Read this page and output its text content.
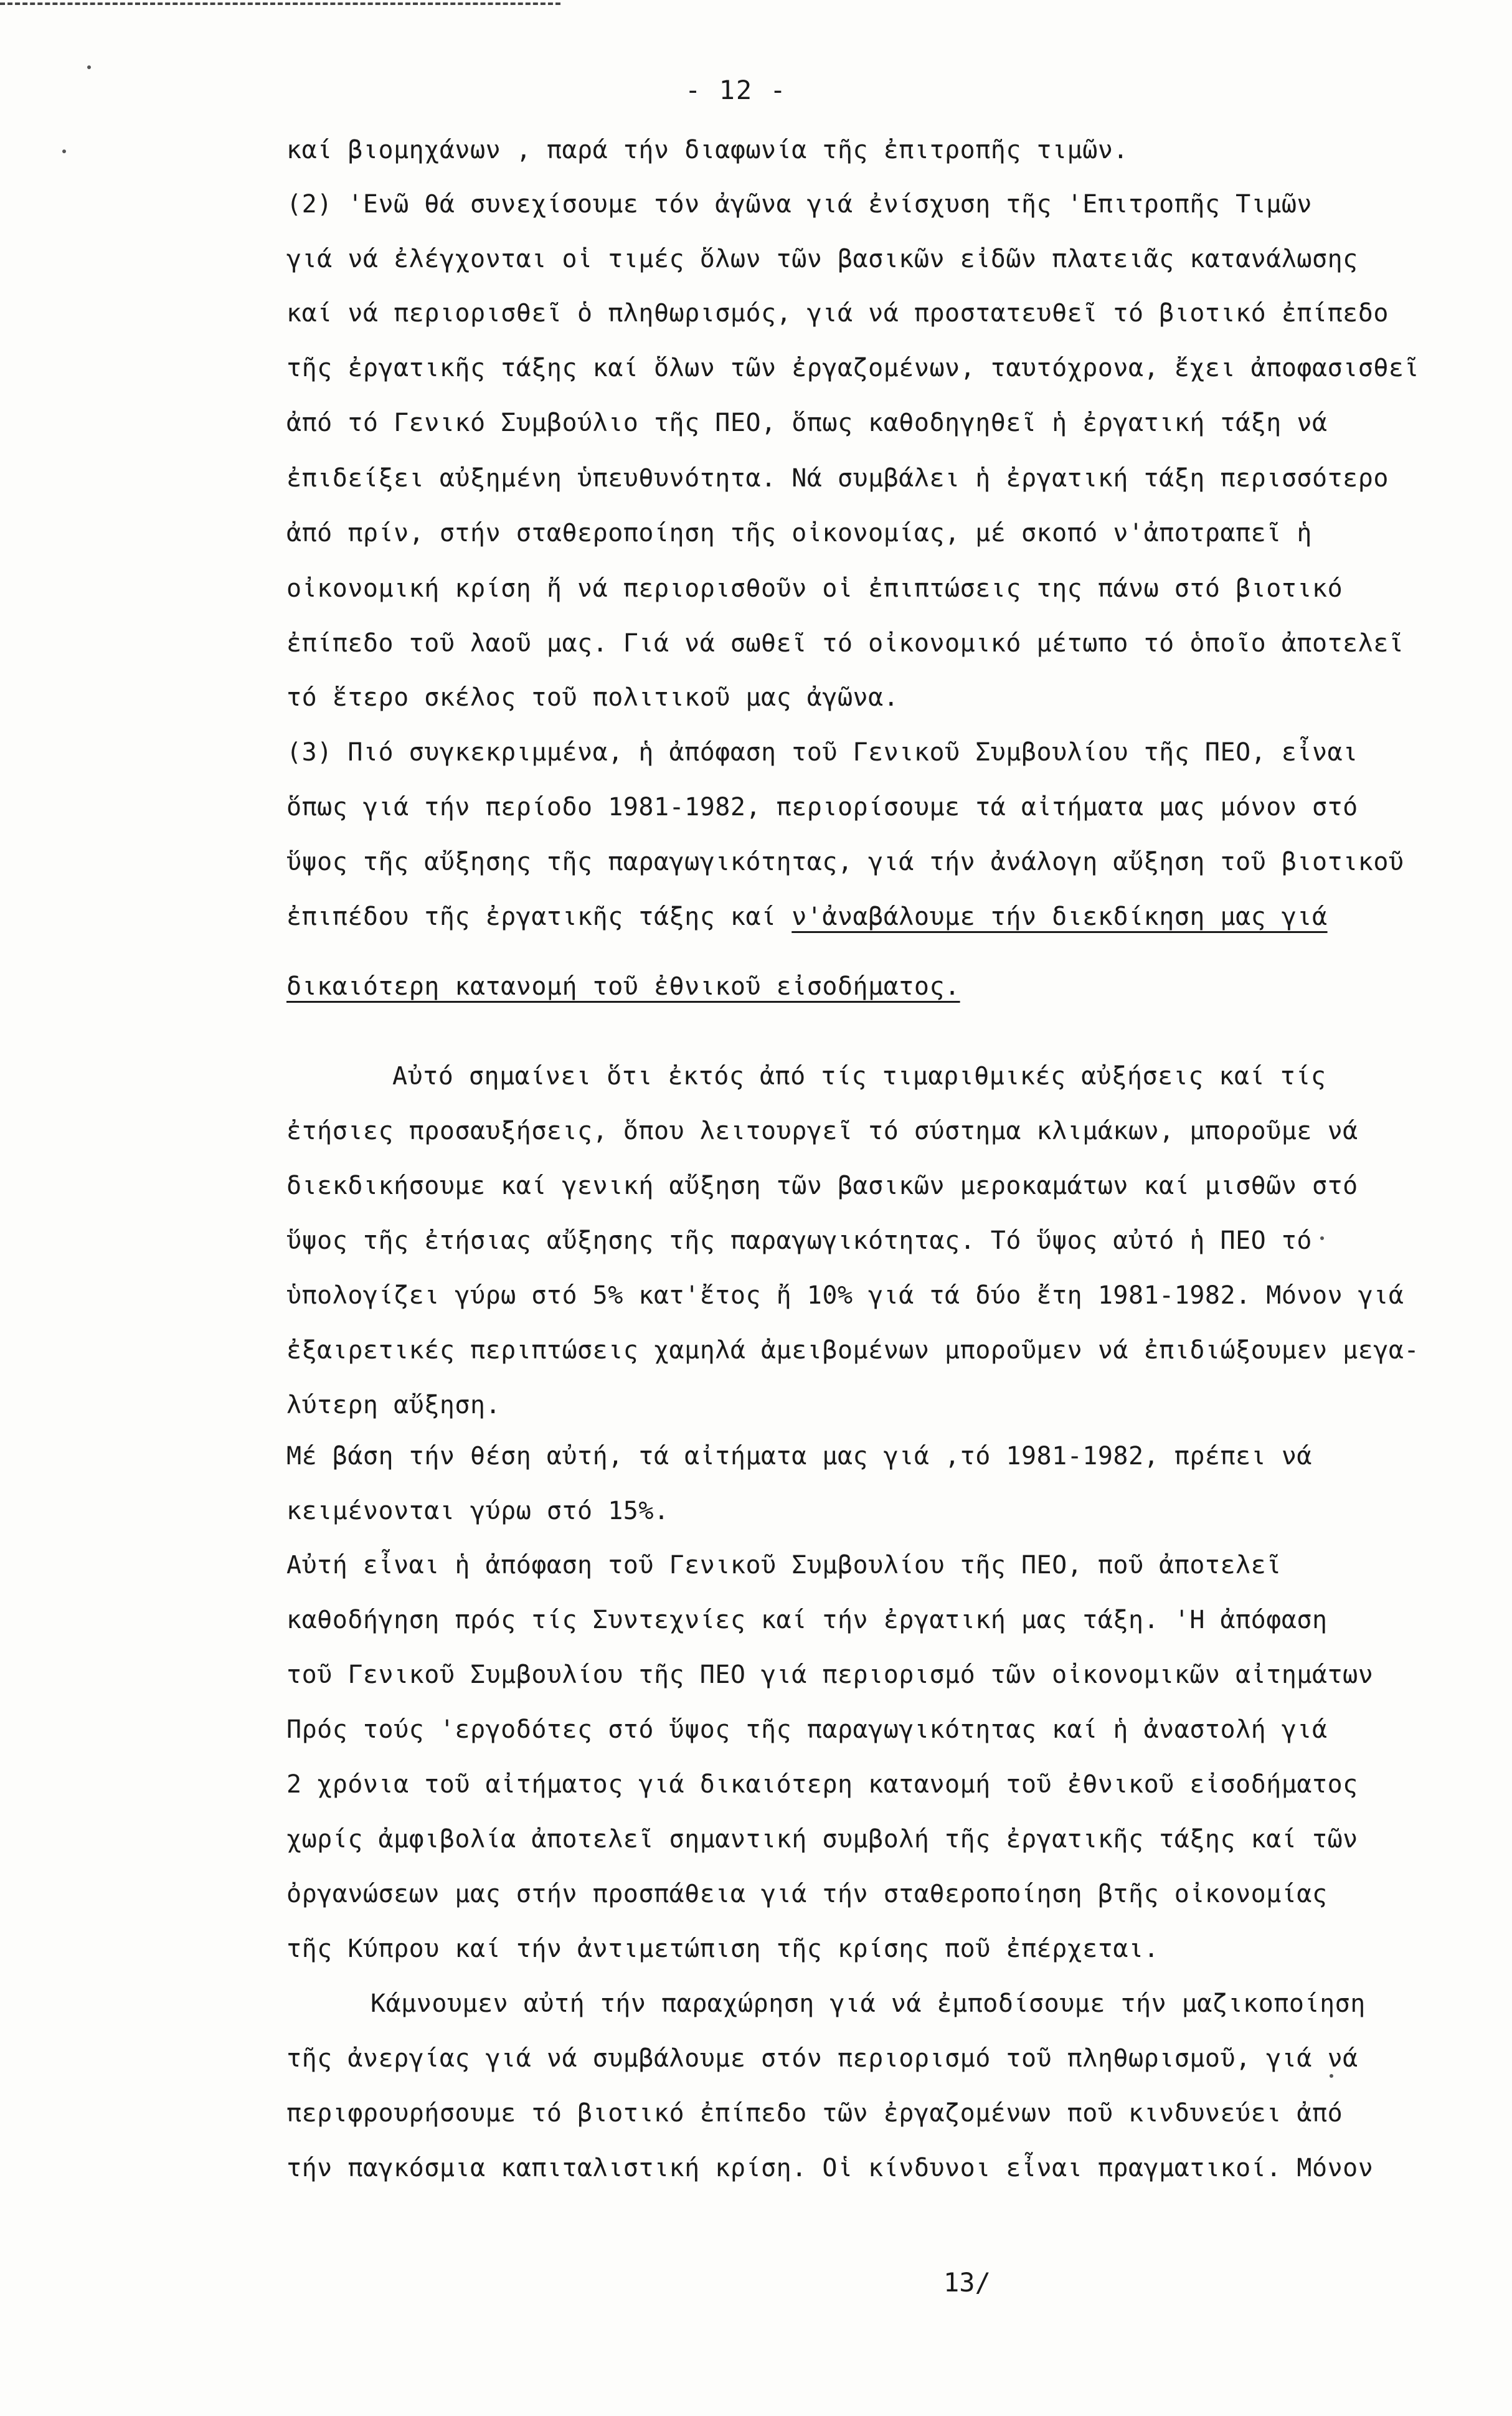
- 12 -
καί βιομηχάνων , παρά τήν διαφωνία τῆς ἐπιτροπῆς τιμῶν.
(2) 'Ενῶ θά συνεχίσουμε τόν ἀγῶνα γιά ἐνίσχυση τῆς 'Επιτροπῆς Τιμῶν
γιά νά ἐλέγχονται οἱ τιμές ὅλων τῶν βασικῶν εἰδῶν πλατειᾶς κατανάλωσης
καί νά περιορισθεῖ ὁ πληθωρισμός, γιά νά προστατευθεῖ τό βιοτικό ἐπίπεδο
τῆς ἐργατικῆς τάξης καί ὅλων τῶν ἐργαζομένων, ταυτόχρονα, ἔχει ἀποφασισθεῖ
ἀπό τό Γενικό Συμβούλιο τῆς ΠΕΟ, ὅπως καθοδηγηθεῖ ἡ ἐργατική τάξη νά
ἐπιδείξει αὐξημένη ὑπευθυνότητα. Νά συμβάλει ἡ ἐργατική τάξη περισσότερο
ἀπό πρίν, στήν σταθεροποίηση τῆς οἰκονομίας, μέ σκοπό ν'ἀποτραπεῖ ἡ
οἰκονομική κρίση ἤ νά περιορισθοῦν οἱ ἐπιπτώσεις της πάνω στό βιοτικό
ἐπίπεδο τοῦ λαοῦ μας. Γιά νά σωθεῖ τό οἰκονομικό μέτωπο τό ὁποῖο ἀποτελεῖ
τό ἕτερο σκέλος τοῦ πολιτικοῦ μας ἀγῶνα.
(3) Πιό συγκεκριμμένα, ἡ ἀπόφαση τοῦ Γενικοῦ Συμβουλίου τῆς ΠΕΟ, εἶναι
ὅπως γιά τήν περίοδο 1981-1982, περιορίσουμε τά αἰτήματα μας μόνον στό
ὕψος τῆς αὔξησης τῆς παραγωγικότητας, γιά τήν ἀνάλογη αὔξηση τοῦ βιοτικοῦ
ἐπιπέδου τῆς ἐργατικῆς τάξης καί ν'ἀναβάλουμε τήν διεκδίκηση μας γιά
δικαιότερη κατανομή τοῦ ἐθνικοῦ εἰσοδήματος.
Αὐτό σημαίνει ὅτι ἐκτός ἀπό τίς τιμαριθμικές αὐξήσεις καί τίς
ἐτήσιες προσαυξήσεις, ὅπου λειτουργεῖ τό σύστημα κλιμάκων, μποροῦμε νά
διεκδικήσουμε καί γενική αὔξηση τῶν βασικῶν μεροκαμάτων καί μισθῶν στό
ὕψος τῆς ἐτήσιας αὔξησης τῆς παραγωγικότητας. Τό ὕψος αὐτό ἡ ΠΕΟ τό
ὑπολογίζει γύρω στό 5% κατ'ἔτος ἤ 10% γιά τά δύο ἔτη 1981-1982. Μόνον γιά
ἐξαιρετικές περιπτώσεις χαμηλά ἀμειβομένων μποροῦμεν νά ἐπιδιώξουμεν μεγα-
λύτερη αὔξηση.
Μέ βάση τήν θέση αὐτή, τά αἰτήματα μας γιά ,τό 1981-1982, πρέπει νά
κειμένονται γύρω στό 15%.
Αὐτή εἶναι ἡ ἀπόφαση τοῦ Γενικοῦ Συμβουλίου τῆς ΠΕΟ, ποῦ ἀποτελεῖ
καθοδήγηση πρός τίς Συντεχνίες καί τήν ἐργατική μας τάξη. 'Η ἀπόφαση
τοῦ Γενικοῦ Συμβουλίου τῆς ΠΕΟ γιά περιορισμό τῶν οἰκονομικῶν αἰτημάτων
Πρός τούς 'εργοδότες στό ὕψος τῆς παραγωγικότητας καί ἡ ἀναστολή γιά
2 χρόνια τοῦ αἰτήματος γιά δικαιότερη κατανομή τοῦ ἐθνικοῦ εἰσοδήματος
χωρίς ἀμφιβολία ἀποτελεῖ σημαντική συμβολή τῆς ἐργατικῆς τάξης καί τῶν
ὀργανώσεων μας στήν προσπάθεια γιά τήν σταθεροποίηση βτῆς οἰκονομίας
τῆς Κύπρου καί τήν ἀντιμετώπιση τῆς κρίσης ποῦ ἐπέρχεται.
Κάμνουμεν αὐτή τήν παραχώρηση γιά νά ἐμποδίσουμε τήν μαζικοποίηση
τῆς ἀνεργίας γιά νά συμβάλουμε στόν περιορισμό τοῦ πληθωρισμοῦ, γιά νά
περιφρουρήσουμε τό βιοτικό ἐπίπεδο τῶν ἐργαζομένων ποῦ κινδυνεύει ἀπό
τήν παγκόσμια καπιταλιστική κρίση. Οἱ κίνδυνοι εἶναι πραγματικοί. Μόνον
13/
